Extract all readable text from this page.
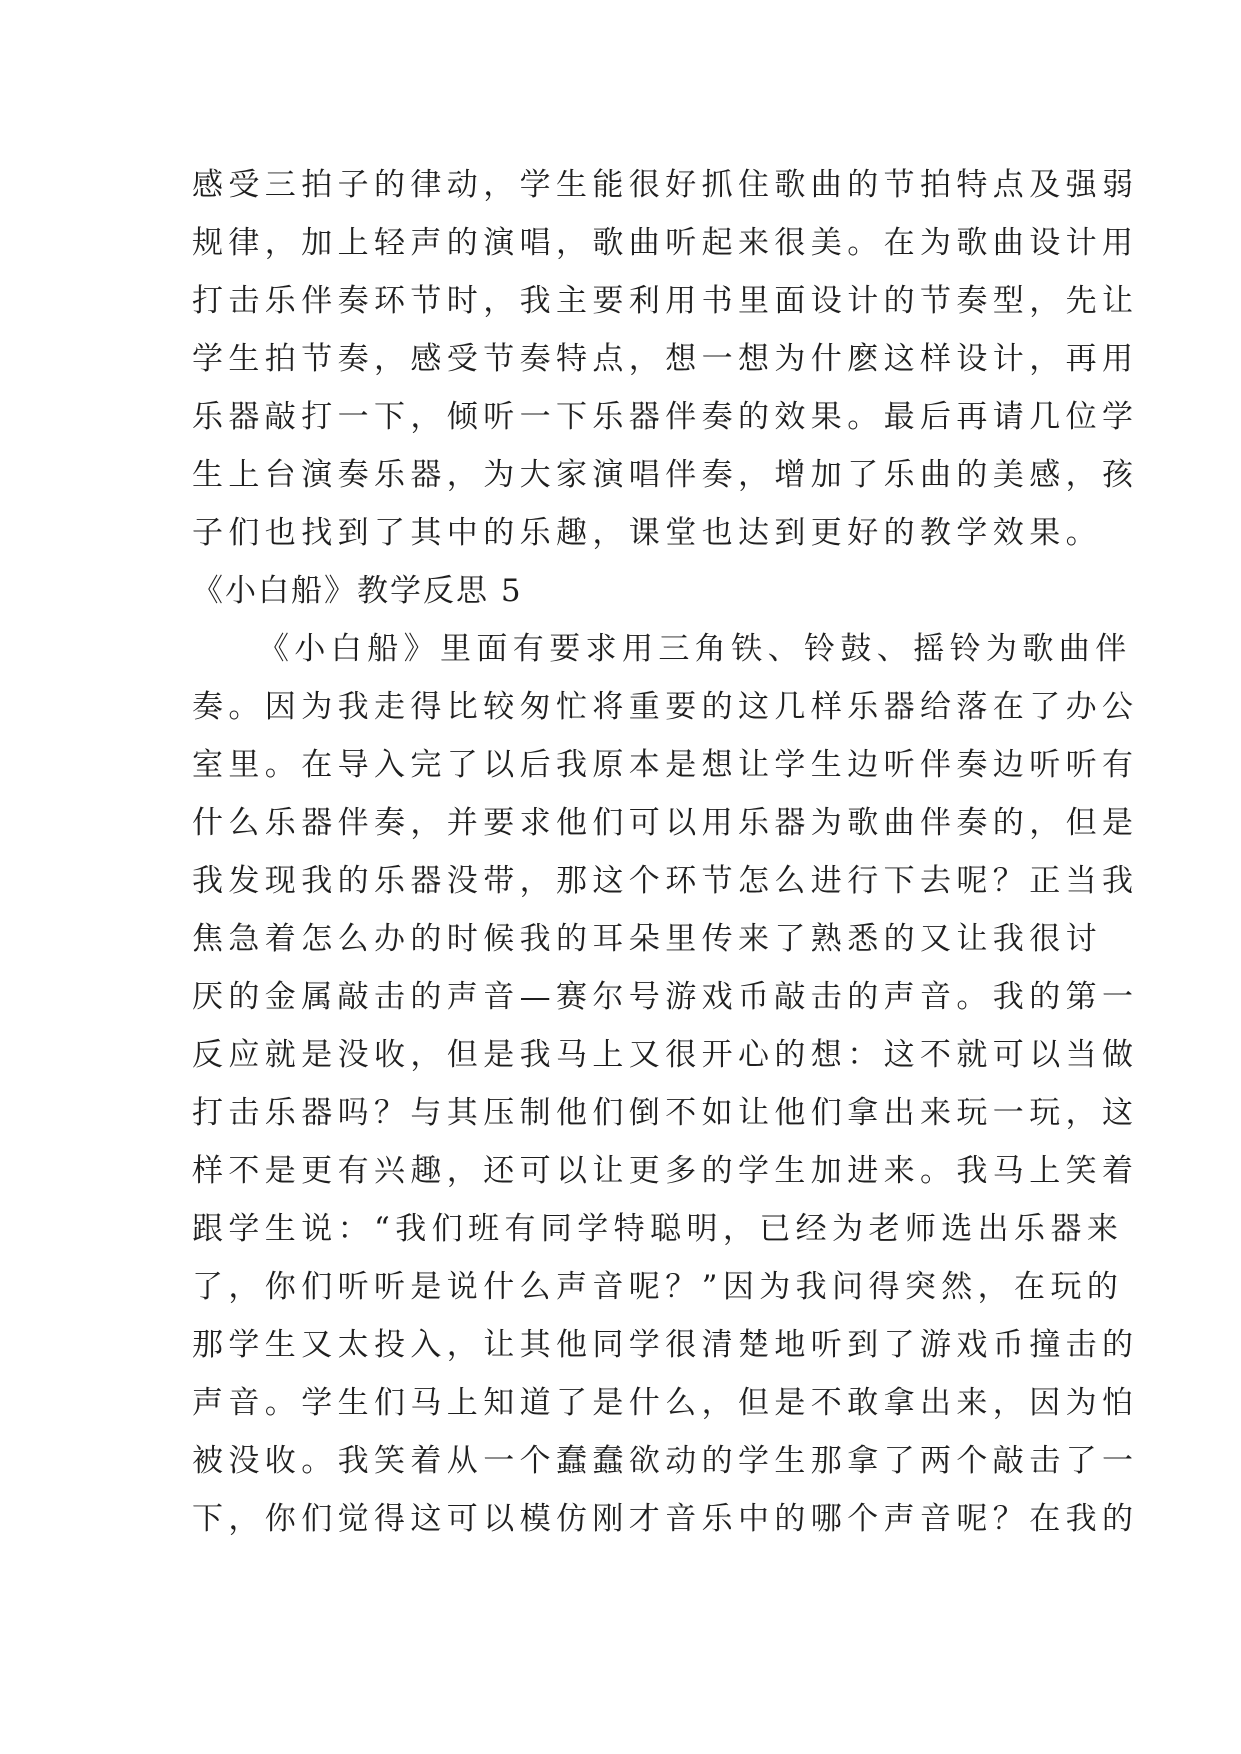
感受三拍子的律动，学生能很好抓住歌曲的节拍特点及强弱
规律，加上轻声的演唱，歌曲听起来很美。在为歌曲设计用
打击乐伴奏环节时，我主要利用书里面设计的节奏型，先让
学生拍节奏，感受节奏特点，想一想为什麽这样设计，再用
乐器敲打一下，倾听一下乐器伴奏的效果。最后再请几位学
生上台演奏乐器，为大家演唱伴奏，增加了乐曲的美感，孩
子们也找到了其中的乐趣，课堂也达到更好的教学效果。
《小白船》教学反思 5
《小白船》里面有要求用三角铁、铃鼓、摇铃为歌曲伴
奏。因为我走得比较匆忙将重要的这几样乐器给落在了办公
室里。在导入完了以后我原本是想让学生边听伴奏边听听有
什么乐器伴奏，并要求他们可以用乐器为歌曲伴奏的，但是
我发现我的乐器没带，那这个环节怎么进行下去呢？正当我
焦急着怎么办的时候我的耳朵里传来了熟悉的又让我很讨
厌的金属敲击的声音—赛尔号游戏币敲击的声音。我的第一
反应就是没收，但是我马上又很开心的想：这不就可以当做
打击乐器吗？与其压制他们倒不如让他们拿出来玩一玩，这
样不是更有兴趣，还可以让更多的学生加进来。我马上笑着
跟学生说：“我们班有同学特聪明，已经为老师选出乐器来
了，你们听听是说什么声音呢？”因为我问得突然，在玩的
那学生又太投入，让其他同学很清楚地听到了游戏币撞击的
声音。学生们马上知道了是什么，但是不敢拿出来，因为怕
被没收。我笑着从一个蠢蠢欲动的学生那拿了两个敲击了一
下，你们觉得这可以模仿刚才音乐中的哪个声音呢？在我的
